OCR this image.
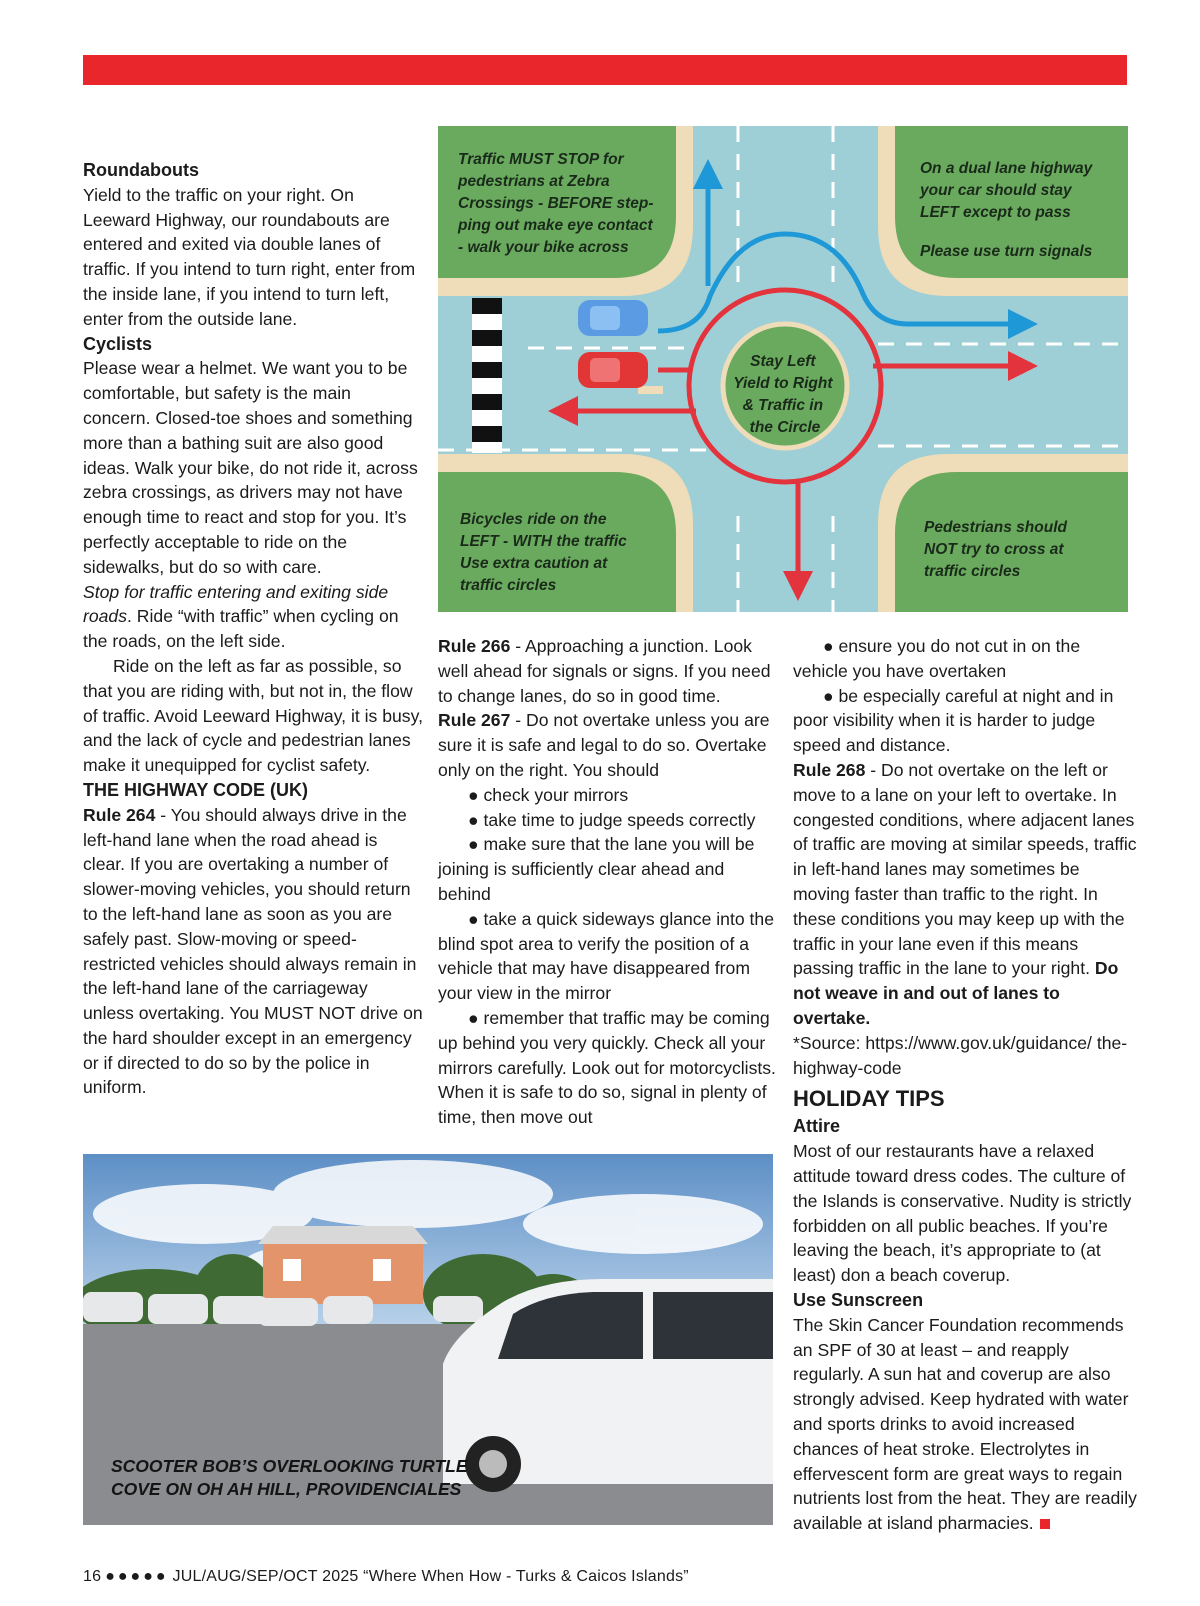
Roundabouts

Yield to the traffic on your right. On Leeward Highway, our roundabouts are entered and exited via double lanes of traffic. If you intend to turn right, enter from the inside lane, if you intend to turn left, enter from the outside lane.

Cyclists

Please wear a helmet. We want you to be comfortable, but safety is the main concern. Closed-toe shoes and something more than a bathing suit are also good ideas. Walk your bike, do not ride it, across zebra crossings, as drivers may not have enough time to react and stop for you. It’s perfectly acceptable to ride on the sidewalks, but do so with care.

Stop for traffic entering and exiting side roads. Ride “with traffic” when cycling on the roads, on the left side.

Ride on the left as far as possible, so that you are riding with, but not in, the flow of traffic. Avoid Leeward Highway, it is busy, and the lack of cycle and pedestrian lanes make it unequipped for cyclist safety.

THE HIGHWAY CODE (UK)

Rule 264 - You should always drive in the left-hand lane when the road ahead is clear. If you are overtaking a number of slower-moving vehicles, you should return to the left-hand lane as soon as you are safely past. Slow-moving or speed-restricted vehicles should always remain in the left-hand lane of the carriageway unless overtaking. You MUST NOT drive on the hard shoulder except in an emergency or if directed to do so by the police in uniform.

Traffic MUST STOP for pedestrians at Zebra Crossings - BEFORE step- ping out make eye contact - walk your bike across
On a dual lane highway your car should stay LEFT except to pass Please use turn signals
Stay Left Yield to Right & Traffic in the Circle
Bicycles ride on the LEFT - WITH the traffic Use extra caution at traffic circles
Pedestrians should NOT try to cross at traffic circles

Rule 266 - Approaching a junction. Look well ahead for signals or signs. If you need to change lanes, do so in good time.

Rule 267 - Do not overtake unless you are sure it is safe and legal to do so. Overtake only on the right. You should

● check your mirrors

● take time to judge speeds correctly

● make sure that the lane you will be joining is sufficiently clear ahead and behind

● take a quick sideways glance into the blind spot area to verify the position of a vehicle that may have disappeared from your view in the mirror

● remember that traffic may be coming up behind you very quickly. Check all your mirrors carefully. Look out for motorcyclists. When it is safe to do so, signal in plenty of time, then move out

● ensure you do not cut in on the vehicle you have overtaken

● be especially careful at night and in poor visibility when it is harder to judge speed and distance.

Rule 268 - Do not overtake on the left or move to a lane on your left to overtake. In congested conditions, where adjacent lanes of traffic are moving at similar speeds, traffic in left-hand lanes may sometimes be moving faster than traffic to the right. In these conditions you may keep up with the traffic in your lane even if this means passing traffic in the lane to your right. Do not weave in and out of lanes to overtake.

*Source: https://www.gov.uk/guidance/ the-highway-code

HOLIDAY TIPS
Attire

Most of our restaurants have a relaxed attitude toward dress codes. The culture of the Islands is conservative. Nudity is strictly forbidden on all public beaches. If you’re leaving the beach, it’s appropriate to (at least) don a beach coverup.

Use Sunscreen

The Skin Cancer Foundation recommends an SPF of 30 at least – and reapply regularly. A sun hat and coverup are also strongly advised. Keep hydrated with water and sports drinks to avoid increased chances of heat stroke. Electrolytes in effervescent form are great ways to regain nutrients lost from the heat. They are readily available at island pharmacies.

SCOOTER BOB’S OVERLOOKING TURTLE COVE ON OH AH HILL, PROVIDENCIALES
16 ●●●●● JUL/AUG/SEP/OCT 2025 “Where When How - Turks & Caicos Islands”
